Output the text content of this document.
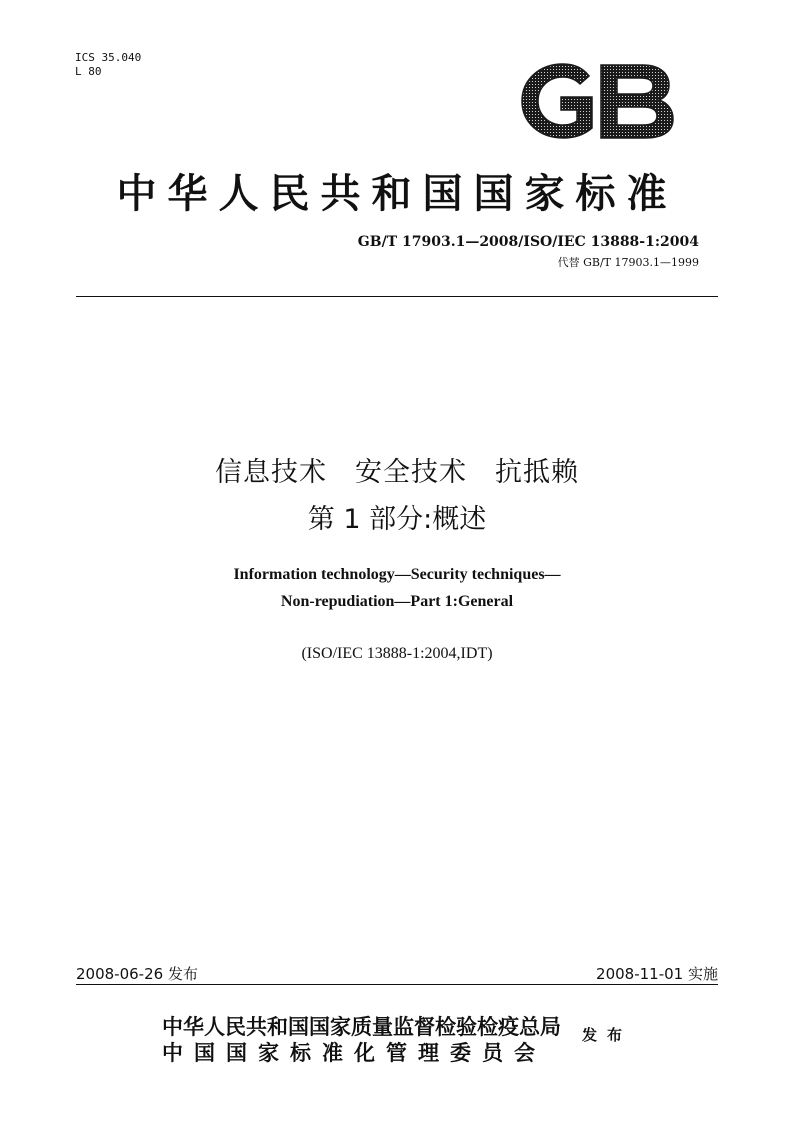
ICS 35.040
L 80
中华人民共和国国家标准
GB/T 17903.1—2008/ISO/IEC 13888-1:2004
代替 GB/T 17903.1—1999
信息技术　安全技术　抗抵赖
第 1 部分:概述
Information technology—Security techniques—
Non-repudiation—Part 1:General
(ISO/IEC 13888-1:2004,IDT)
2008-06-26 发布	2008-11-01 实施
中华人民共和国国家质量监督检验检疫总局
中国国家标准化管理委员会
发布
